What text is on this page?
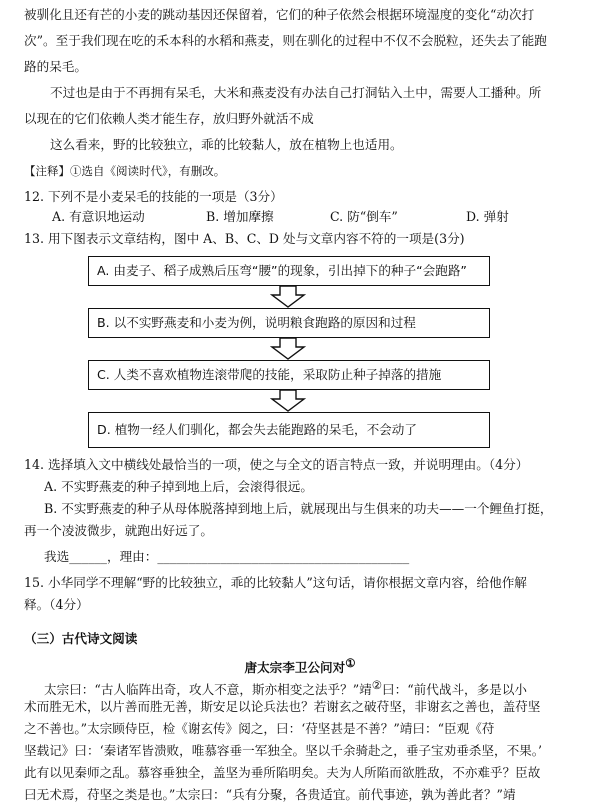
被驯化且还有芒的小麦的跳动基因还保留着，它们的种子依然会根据环境湿度的变化“动次打
次”。至于我们现在吃的禾本科的水稻和燕麦，则在驯化的过程中不仅不会脱粒，还失去了能跑
路的呆毛。
不过也是由于不再拥有呆毛，大米和燕麦没有办法自己打洞钻入土中，需要人工播种。所
以现在的它们依赖人类才能生存，放归野外就活不成
这么看来，野的比较独立，乖的比较黏人，放在植物上也适用。
【注释】①选自《阅读时代》，有删改。
12. 下列不是小麦呆毛的技能的一项是（3分）
A. 有意识地运动	B. 增加摩擦	C. 防“倒车”	D. 弹射
13. 用下图表示文章结构，图中 A、B、C、D 处与文章内容不符的一项是(3分)
A. 由麦子、稻子成熟后压弯“腰”的现象，引出掉下的种子“会跑路”
B. 以不实野燕麦和小麦为例，说明粮食跑路的原因和过程
C. 人类不喜欢植物连滚带爬的技能，采取防止种子掉落的措施
D. 植物一经人们驯化，都会失去能跑路的呆毛，不会动了
14. 选择填入文中横线处最恰当的一项，使之与全文的语言特点一致，并说明理由。（4分）
A. 不实野燕麦的种子掉到地上后，会滚得很远。
B. 不实野燕麦的种子从母体脱落掉到地上后，就展现出与生俱来的功夫——一个鲤鱼打挺，
再一个凌波微步，就跑出好远了。
我选______，理由：________________________________________
15. 小华同学不理解“野的比较独立，乖的比较黏人”这句话，请你根据文章内容，给他作解
释。（4分）
（三）古代诗文阅读
唐太宗李卫公问对①
太宗曰：“古人临阵出奇，攻人不意，斯亦相变之法乎？”靖②曰：“前代战斗，多是以小
术而胜无术，以片善而胜无善，斯安足以论兵法也？若谢玄之破苻坚，非谢玄之善也，盖苻坚
之不善也。”太宗顾侍臣，检《谢玄传》阅之，曰：‘苻坚甚是不善？”靖曰：“臣观《苻
坚载记》曰：‘秦诸军皆溃败，唯慕容垂一军独全。坚以千余骑赴之，垂子宝劝垂杀坚，不果。’
此有以见秦师之乱。慕容垂独全，盖坚为垂所陷明矣。夫为人所陷而欲胜敌，不亦难乎？臣故
曰无术焉，苻坚之类是也。”太宗曰：“兵有分聚，各贵适宜。前代事迹，孰为善此者？”靖
